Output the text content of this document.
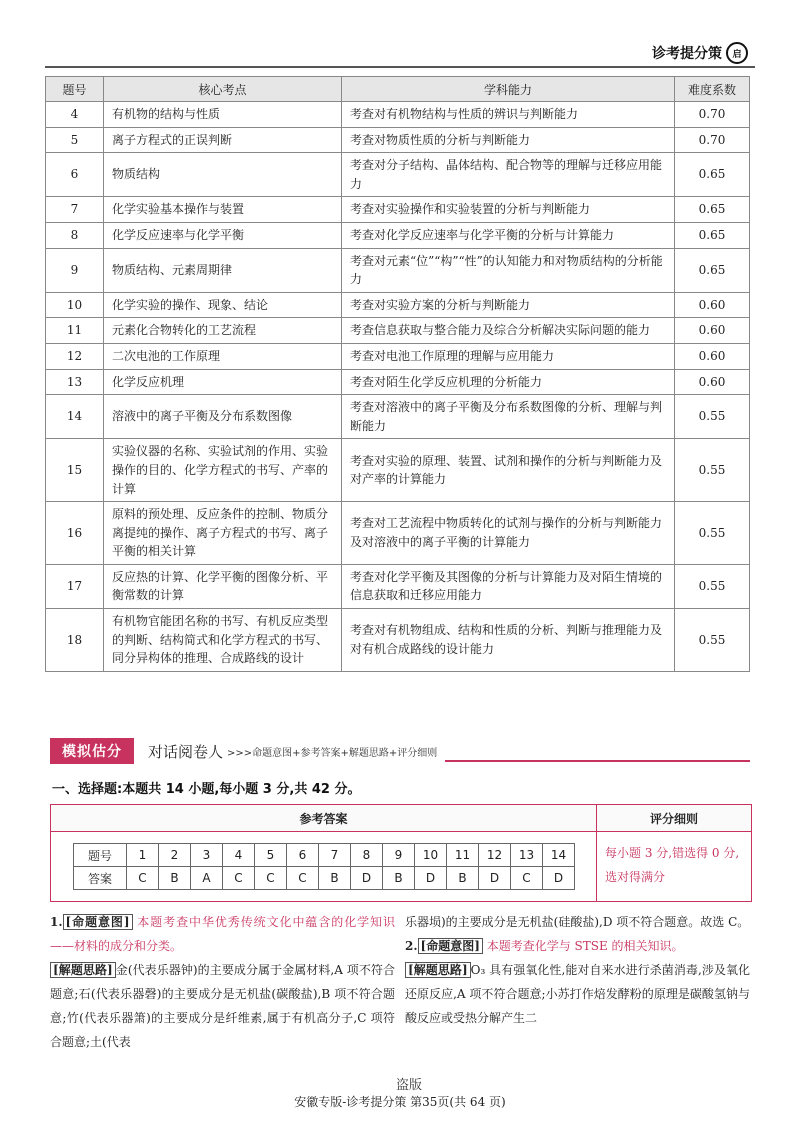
诊考提分策	启
题号	核心考点	学科能力	难度系数
4	有机物的结构与性质	考查对有机物结构与性质的辨识与判断能力	0.70
5	离子方程式的正误判断	考查对物质性质的分析与判断能力	0.70
6	物质结构	考查对分子结构、晶体结构、配合物等的理解与迁移应用能力	0.65
7	化学实验基本操作与装置	考查对实验操作和实验装置的分析与判断能力	0.65
8	化学反应速率与化学平衡	考查对化学反应速率与化学平衡的分析与计算能力	0.65
9	物质结构、元素周期律	考查对元素“位”“构”“性”的认知能力和对物质结构的分析能力	0.65
10	化学实验的操作、现象、结论	考查对实验方案的分析与判断能力	0.60
11	元素化合物转化的工艺流程	考查信息获取与整合能力及综合分析解决实际问题的能力	0.60
12	二次电池的工作原理	考查对电池工作原理的理解与应用能力	0.60
13	化学反应机理	考查对陌生化学反应机理的分析能力	0.60
14	溶液中的离子平衡及分布系数图像	考查对溶液中的离子平衡及分布系数图像的分析、理解与判断能力	0.55
15	实验仪器的名称、实验试剂的作用、实验操作的目的、化学方程式的书写、产率的计算	考查对实验的原理、装置、试剂和操作的分析与判断能力及对产率的计算能力	0.55
16	原料的预处理、反应条件的控制、物质分离提纯的操作、离子方程式的书写、离子平衡的相关计算	考查对工艺流程中物质转化的试剂与操作的分析与判断能力及对溶液中的离子平衡的计算能力	0.55
17	反应热的计算、化学平衡的图像分析、平衡常数的计算	考查对化学平衡及其图像的分析与计算能力及对陌生情境的信息获取和迁移应用能力	0.55
18	有机物官能团名称的书写、有机反应类型的判断、结构简式和化学方程式的书写、同分异构体的推理、合成路线的设计	考查对有机物组成、结构和性质的分析、判断与推理能力及对有机合成路线的设计能力	0.55
模拟估分	对话阅卷人 >>>命题意图+参考答案+解题思路+评分细则
一、选择题:本题共 14 小题,每小题 3 分,共 42 分。
参考答案
题号	1	2	3	4	5	6	7	8	9	10	11	12	13	14
答案	C	B	A	C	C	C	B	D	B	D	B	D	C	D
评分细则
每小题 3 分,错选得 0 分,选对得满分

1. [命题意图] 本题考查中华优秀传统文化中蕴含的化学知识——材料的成分和分类。

[解题思路] 金(代表乐器钟)的主要成分属于金属材料,A 项不符合题意;石(代表乐器磬)的主要成分是无机盐(碳酸盐),B 项不符合题意;竹(代表乐器箫)的主要成分是纤维素,属于有机高分子,C 项符合题意;土(代表

乐器埙)的主要成分是无机盐(硅酸盐),D 项不符合题意。故选 C。

2. [命题意图] 本题考查化学与 STSE 的相关知识。

[解题思路] O₃ 具有强氧化性,能对自来水进行杀菌消毒,涉及氧化还原反应,A 项不符合题意;小苏打作焙发酵粉的原理是碳酸氢钠与酸反应或受热分解产生二

盗版
安徽专版-诊考提分策 第35页(共 64 页)
